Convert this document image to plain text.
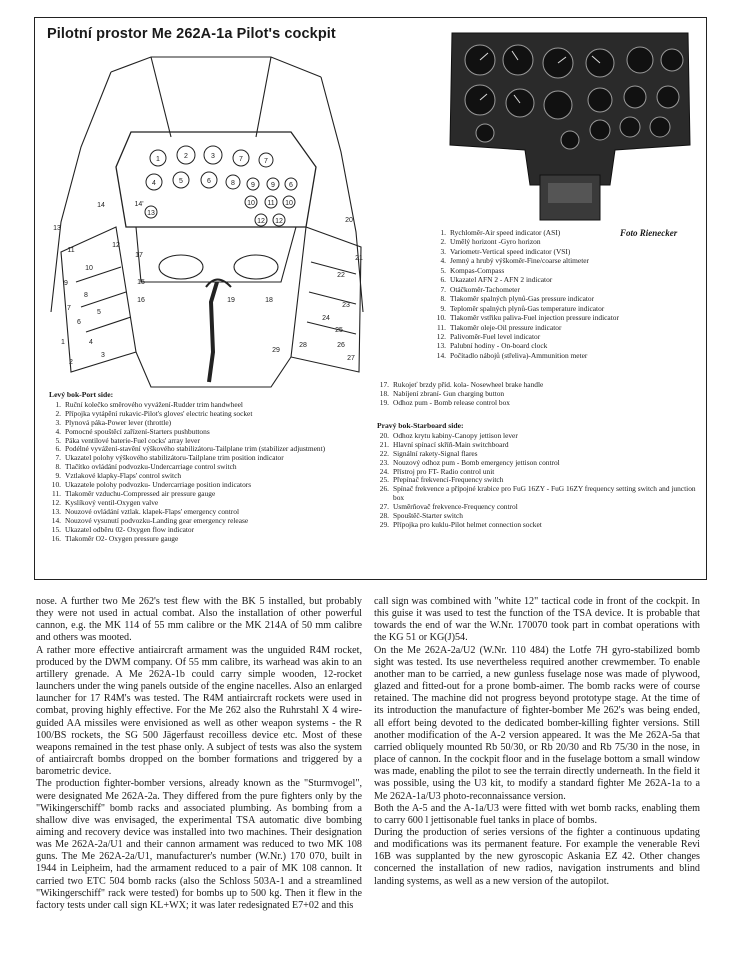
Pilotní prostor Me 262A-1a Pilot's cockpit
1	2	3	7	7
4	5	6	8 9 9 6
10 11 10
12 12
13
14	14'
13
12
11
10
9
8
7
6
5
4
3
2
1
17
18
19
20
21
22
23
24
25
26
27
28
29
15
16
Foto Rienecker
1. Rychloměr-Air speed indicator (ASI)
2. Umělý horizont -Gyro horizon
3. Variometr-Vertical speed indicator (VSI)
4. Jemný a hrubý výškoměr-Fine/coarse altimeter
5. Kompas-Compass
6. Ukazatel AFN 2 - AFN 2 indicator
7. Otáčkoměr-Tachometer
8. Tlakoměr spalných plynů-Gas pressure indicator
9. Teploměr spalných plynů-Gas temperature indicator
10. Tlakoměr vstřiku paliva-Fuel injection pressure indicator
11. Tlakoměr oleje-Oil pressure indicator
12. Palivoměr-Fuel level indicator
13. Palubní hodiny - On-board clock
14. Počítadlo nábojů (střeliva)-Ammunition meter
Levý bok-Port side:
1. Ruční kolečko směrového vyvážení-Rudder trim handwheel
2. Přípojka vytápění rukavic-Pilot's gloves' electric heating socket
3. Plynová páka-Power lever (throttle)
4. Pomocné spouštěcí zařízení-Starters pushbuttons
5. Páka ventilové baterie-Fuel cocks' array lever
6. Podélné vyvážení-stavění výškového stabilizátoru-Tailplane trim (stabilizer adjustment)
7. Ukazatel polohy výškového stabilizátoru-Tailplane trim position indicator
8. Tlačítko ovládání podvozku-Undercarriage control switch
9. Vztlakové klapky-Flaps' control switch
10. Ukazatele polohy podvozku- Undercarriage position indicators
11. Tlakoměr vzduchu-Compressed air pressure gauge
12. Kyslíkový ventil-Oxygen valve
13. Nouzové ovládání vztlak. klapek-Flaps' emergency control
14. Nouzové vysunutí podvozku-Landing gear emergency release
15. Ukazatel odběru 02- Oxygen flow indicator
16. Tlakoměr O2- Oxygen pressure gauge
17. Rukojeť brzdy příd. kola- Nosewheel brake handle
18. Nabíjení zbraní- Gun charging button
19. Odhoz pum - Bomb release control box
Pravý bok-Starboard side:
20. Odhoz krytu kabiny-Canopy jettison lever
21. Hlavní spínací skříň-Main switchboard
22. Signální rakety-Signal flares
23. Nouzový odhoz pum - Bomb emergency jettison control
24. Přístroj pro FT- Radio control unit
25. Přepínač frekvencí-Frequency switch
26. Spínač frekvence a přípojné krabice pro FuG 16ZY - FuG 16ZY frequency setting switch and junction box
27. Usměrňovač frekvence-Frequency control
28. Spouštěč-Starter switch
29. Přípojka pro kuklu-Pilot helmet connection socket

nose. A further two Me 262's test flew with the BK 5 installed, but probably they were not used in actual combat. Also the installation of other powerful cannon, e.g. the MK 114 of 55 mm calibre or the MK 214A of 50 mm calibre and others was mooted.

A rather more effective antiaircraft armament was the unguided R4M rocket, produced by the DWM company. Of 55 mm calibre, its warhead was akin to an artillery grenade. A Me 262A-1b could carry simple wooden, 12-rocket launchers under the wing panels outside of the engine nacelles. Also an enlarged launcher for 17 R4M's was tested. The R4M antiaircraft rockets were used in combat, proving highly effective. For the Me 262 also the Ruhrstahl X 4 wire-guided AA missiles were envisioned as well as other weapon systems - the R 100/BS rockets, the SG 500 Jägerfaust recoilless device etc. Most of these weapons remained in the test phase only. A subject of tests was also the system of antiaircraft bombs dropped on the bomber formations and triggered by a barometric device.

The production fighter-bomber versions, already known as the "Sturmvogel", were designated Me 262A-2a. They differed from the pure fighters only by the "Wikingerschiff" bomb racks and associated plumbing. As bombing from a shallow dive was envisaged, the experimental TSA automatic dive bombing aiming and recovery device was installed into two machines. Their designation was Me 262A-2a/U1 and their cannon armament was reduced to two MK 108 guns. The Me 262A-2a/U1, manufacturer's number (W.Nr.) 170 070, built in 1944 in Leipheim, had the armament reduced to a pair of MK 108 cannon. It carried two ETC 504 bomb racks (also the Schloss 503A-1 and a streamlined "Wikingerschiff" rack were tested) for bombs up to 500 kg. Then it flew in the factory tests under call sign KL+WX; it was later redesignated E7+02 and this

call sign was combined with "white 12" tactical code in front of the cockpit. In this guise it was used to test the function of the TSA device. It is probable that towards the end of war the W.Nr. 170070 took part in combat operations with the KG 51 or KG(J)54.

On the Me 262A-2a/U2 (W.Nr. 110 484) the Lotfe 7H gyro-stabilized bomb sight was tested. Its use nevertheless required another crewmember. To enable another man to be carried, a new gunless fuselage nose was made of plywood, glazed and fitted-out for a prone bomb-aimer. The bomb racks were of course retained. The machine did not progress beyond prototype stage. At the time of its introduction the manufacture of fighter-bomber Me 262's was being ended, all effort being devoted to the dedicated bomber-killing fighter versions. Still another modification of the A-2 version appeared. It was the Me 262A-5a that carried obliquely mounted Rb 50/30, or Rb 20/30 and Rb 75/30 in the nose, in place of cannon. In the cockpit floor and in the fuselage bottom a small window was made, enabling the pilot to see the terrain directly underneath. In the field it was possible, using the U3 kit, to modify a standard fighter Me 262A-1a to a Me 262A-1a/U3 photo-reconnaissance version.

Both the A-5 and the A-1a/U3 were fitted with wet bomb racks, enabling them to carry 600 l jettisonable fuel tanks in place of bombs.

During the production of series versions of the fighter a continuous updating and modifications was its permanent feature. For example the venerable Revi 16B was supplanted by the new gyroscopic Askania EZ 42. Other changes concerned the installation of new radios, navigation instruments and blind landing systems, as well as a new version of the autopilot.
